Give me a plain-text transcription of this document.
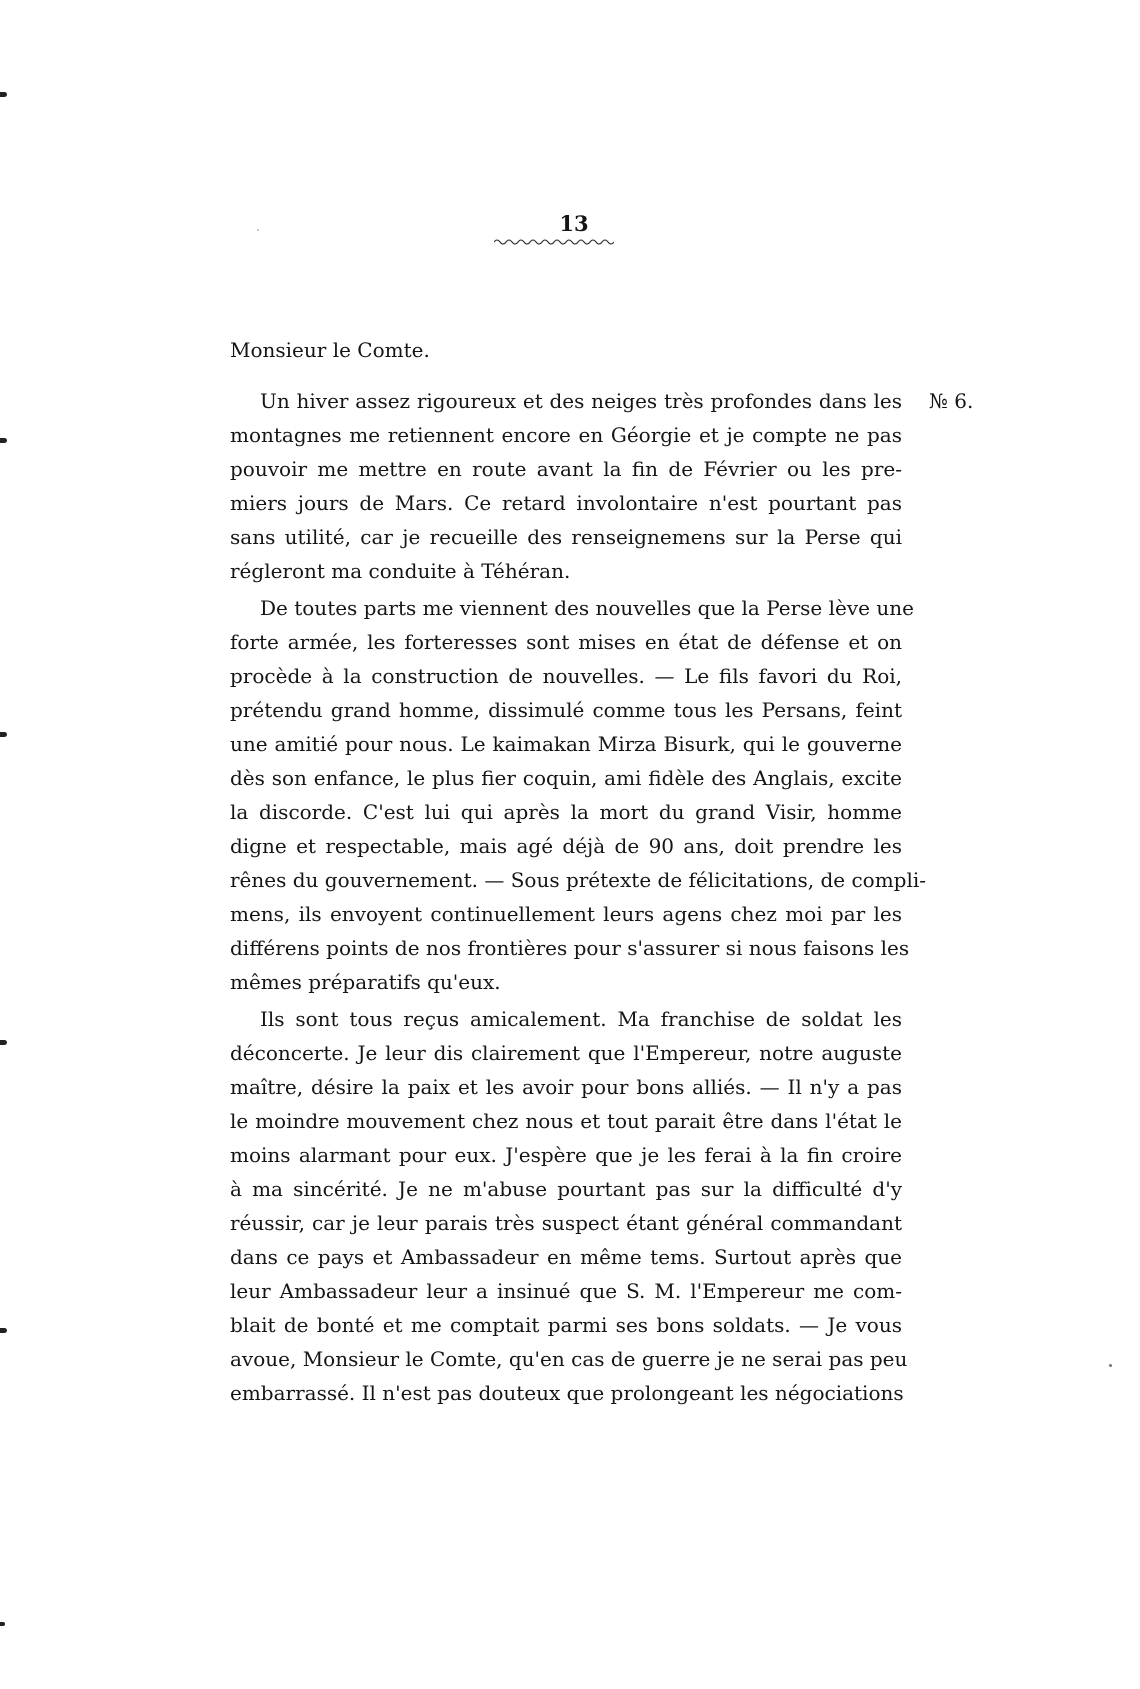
13
№ 6.
Monsieur le Comte.
Un hiver assez rigoureux et des neiges très profondes dans les
montagnes me retiennent encore en Géorgie et je compte ne pas
pouvoir me mettre en route avant la fin de Février ou les pre-
miers jours de Mars. Ce retard involontaire n'est pourtant pas
sans utilité, car je recueille des renseignemens sur la Perse qui
régleront ma conduite à Téhéran.
De toutes parts me viennent des nouvelles que la Perse lève une
forte armée, les forteresses sont mises en état de défense et on
procède à la construction de nouvelles. — Le fils favori du Roi,
prétendu grand homme, dissimulé comme tous les Persans, feint
une amitié pour nous. Le kaimakan Mirza Bisurk, qui le gouverne
dès son enfance, le plus fier coquin, ami fidèle des Anglais, excite
la discorde. C'est lui qui après la mort du grand Visir, homme
digne et respectable, mais agé déjà de 90 ans, doit prendre les
rênes du gouvernement. — Sous prétexte de félicitations, de compli-
mens, ils envoyent continuellement leurs agens chez moi par les
différens points de nos frontières pour s'assurer si nous faisons les
mêmes préparatifs qu'eux.
Ils sont tous reçus amicalement. Ma franchise de soldat les
déconcerte. Je leur dis clairement que l'Empereur, notre auguste
maître, désire la paix et les avoir pour bons alliés. — Il n'y a pas
le moindre mouvement chez nous et tout parait être dans l'état le
moins alarmant pour eux. J'espère que je les ferai à la fin croire
à ma sincérité. Je ne m'abuse pourtant pas sur la difficulté d'y
réussir, car je leur parais très suspect étant général commandant
dans ce pays et Ambassadeur en même tems. Surtout après que
leur Ambassadeur leur a insinué que S. M. l'Empereur me com-
blait de bonté et me comptait parmi ses bons soldats. — Je vous
avoue, Monsieur le Comte, qu'en cas de guerre je ne serai pas peu
embarrassé. Il n'est pas douteux que prolongeant les négociations
